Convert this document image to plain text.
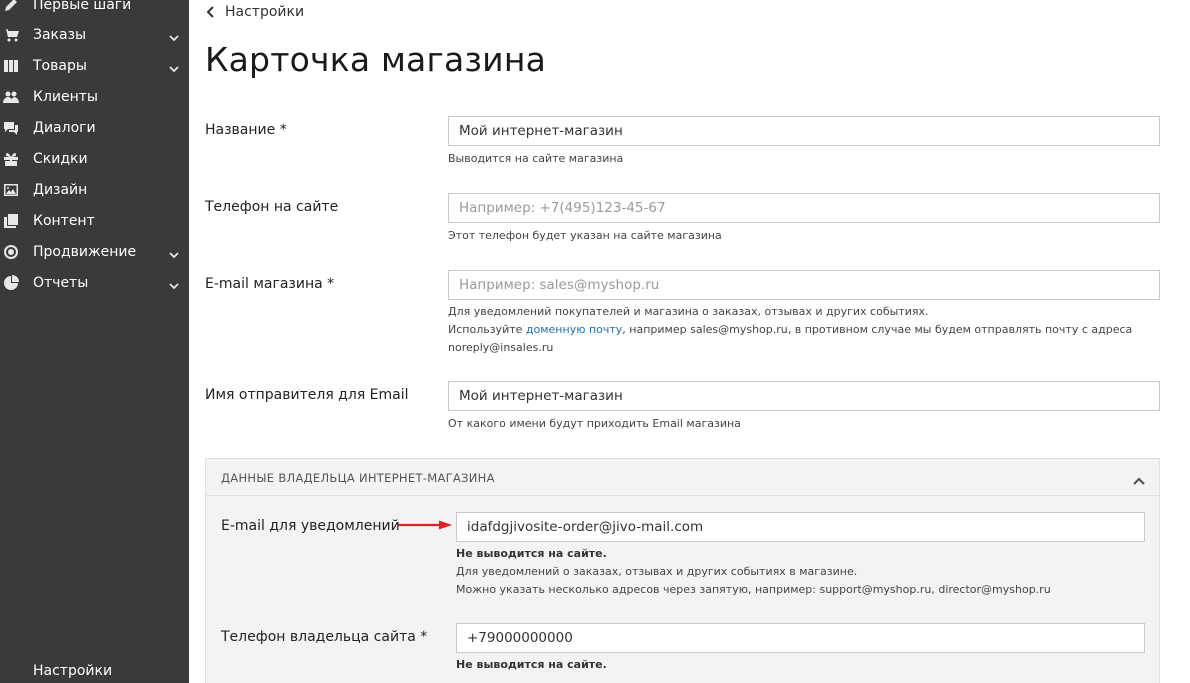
Первые шаги
Заказы
Товары
Клиенты
Диалоги
Скидки
Дизайн
Контент
Продвижение
Отчеты
Настройки
Настройки
Карточка магазина
Название *
Мой интернет-магазин
Выводится на сайте магазина
Телефон на сайте
Например: +7(495)123-45-67
Этот телефон будет указан на сайте магазина
E-mail магазина *
Например: sales@myshop.ru
Для уведомлений покупателей и магазина о заказах, отзывах и других событиях.
Используйте доменную почту, например sales@myshop.ru, в противном случае мы будем отправлять почту с адреса
noreply@insales.ru
Имя отправителя для Email
Мой интернет-магазин
От какого имени будут приходить Email магазина
ДАННЫЕ ВЛАДЕЛЬЦА ИНТЕРНЕТ-МАГАЗИНА
E-mail для уведомлений
idafdgjivosite-order@jivo-mail.com
Не выводится на сайте.
Для уведомлений о заказах, отзывах и других событиях в магазине.
Можно указать несколько адресов через запятую, например: support@myshop.ru, director@myshop.ru
Телефон владельца сайта *
+79000000000
Не выводится на сайте.
